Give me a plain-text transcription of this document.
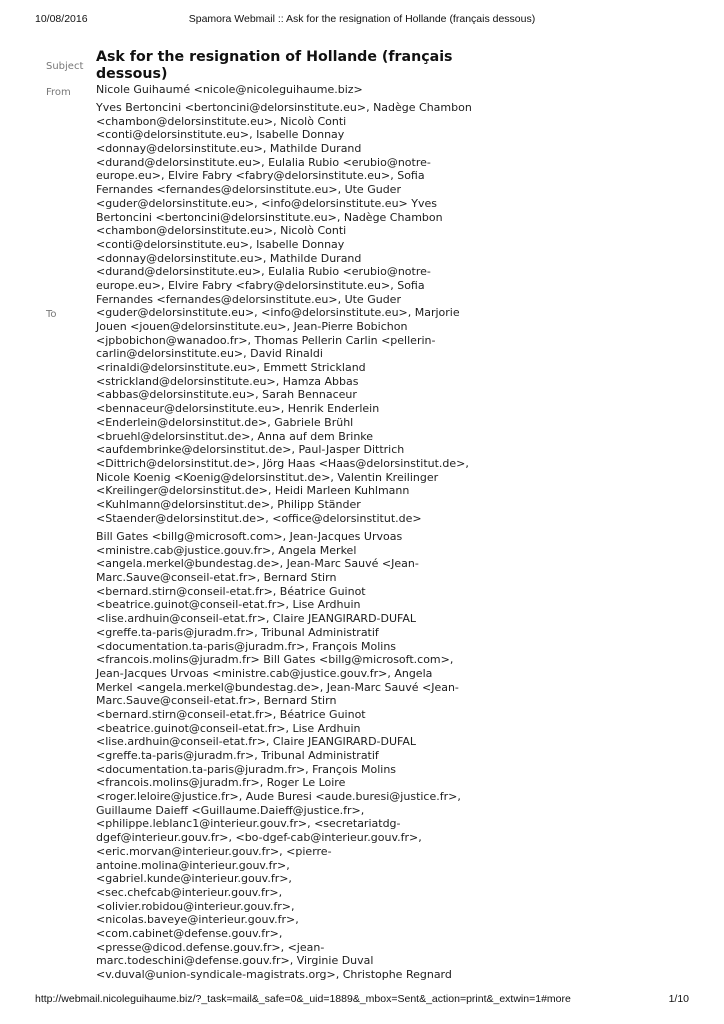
10/08/2016	Spamora Webmail :: Ask for the resignation of Hollande (français dessous)
Subject
Ask for the resignation of Hollande (français dessous)
From Nicole Guihaumé <nicole@nicoleguihaume.biz>
To
Yves Bertoncini <bertoncini@delorsinstitute.eu>, Nadège Chambon
<chambon@delorsinstitute.eu>, Nicolò Conti
<conti@delorsinstitute.eu>, Isabelle Donnay
<donnay@delorsinstitute.eu>, Mathilde Durand
<durand@delorsinstitute.eu>, Eulalia Rubio <erubio@notre-
europe.eu>, Elvire Fabry <fabry@delorsinstitute.eu>, Sofia
Fernandes <fernandes@delorsinstitute.eu>, Ute Guder
<guder@delorsinstitute.eu>, <info@delorsinstitute.eu> Yves
Bertoncini <bertoncini@delorsinstitute.eu>, Nadège Chambon
<chambon@delorsinstitute.eu>, Nicolò Conti
<conti@delorsinstitute.eu>, Isabelle Donnay
<donnay@delorsinstitute.eu>, Mathilde Durand
<durand@delorsinstitute.eu>, Eulalia Rubio <erubio@notre-
europe.eu>, Elvire Fabry <fabry@delorsinstitute.eu>, Sofia
Fernandes <fernandes@delorsinstitute.eu>, Ute Guder
<guder@delorsinstitute.eu>, <info@delorsinstitute.eu>, Marjorie
Jouen <jouen@delorsinstitute.eu>, Jean-Pierre Bobichon
<jpbobichon@wanadoo.fr>, Thomas Pellerin Carlin <pellerin-
carlin@delorsinstitute.eu>, David Rinaldi
<rinaldi@delorsinstitute.eu>, Emmett Strickland
<strickland@delorsinstitute.eu>, Hamza Abbas
<abbas@delorsinstitute.eu>, Sarah Bennaceur
<bennaceur@delorsinstitute.eu>, Henrik Enderlein
<Enderlein@delorsinstitut.de>, Gabriele Brühl
<bruehl@delorsinstitut.de>, Anna auf dem Brinke
<aufdembrinke@delorsinstitut.de>, Paul-Jasper Dittrich
<Dittrich@delorsinstitut.de>, Jörg Haas <Haas@delorsinstitut.de>,
Nicole Koenig <Koenig@delorsinstitut.de>, Valentin Kreilinger
<Kreilinger@delorsinstitut.de>, Heidi Marleen Kuhlmann
<Kuhlmann@delorsinstitut.de>, Philipp Ständer
<Staender@delorsinstitut.de>, <office@delorsinstitut.de>
Bill Gates <billg@microsoft.com>, Jean-Jacques Urvoas
<ministre.cab@justice.gouv.fr>, Angela Merkel
<angela.merkel@bundestag.de>, Jean-Marc Sauvé <Jean-
Marc.Sauve@conseil-etat.fr>, Bernard Stirn
<bernard.stirn@conseil-etat.fr>, Béatrice Guinot
<beatrice.guinot@conseil-etat.fr>, Lise Ardhuin
<lise.ardhuin@conseil-etat.fr>, Claire JEANGIRARD-DUFAL
<greffe.ta-paris@juradm.fr>, Tribunal Administratif
<documentation.ta-paris@juradm.fr>, François Molins
<francois.molins@juradm.fr> Bill Gates <billg@microsoft.com>,
Jean-Jacques Urvoas <ministre.cab@justice.gouv.fr>, Angela
Merkel <angela.merkel@bundestag.de>, Jean-Marc Sauvé <Jean-
Marc.Sauve@conseil-etat.fr>, Bernard Stirn
<bernard.stirn@conseil-etat.fr>, Béatrice Guinot
<beatrice.guinot@conseil-etat.fr>, Lise Ardhuin
<lise.ardhuin@conseil-etat.fr>, Claire JEANGIRARD-DUFAL
<greffe.ta-paris@juradm.fr>, Tribunal Administratif
<documentation.ta-paris@juradm.fr>, François Molins
<francois.molins@juradm.fr>, Roger Le Loire
<roger.leloire@justice.fr>, Aude Buresi <aude.buresi@justice.fr>,
Guillaume Daieff <Guillaume.Daieff@justice.fr>,
<philippe.leblanc1@interieur.gouv.fr>, <secretariatdg-
dgef@interieur.gouv.fr>, <bo-dgef-cab@interieur.gouv.fr>,
<eric.morvan@interieur.gouv.fr>, <pierre-
antoine.molina@interieur.gouv.fr>,
<gabriel.kunde@interieur.gouv.fr>,
<sec.chefcab@interieur.gouv.fr>,
<olivier.robidou@interieur.gouv.fr>,
<nicolas.baveye@interieur.gouv.fr>,
<com.cabinet@defense.gouv.fr>,
<presse@dicod.defense.gouv.fr>, <jean-
marc.todeschini@defense.gouv.fr>, Virginie Duval
<v.duval@union-syndicale-magistrats.org>, Christophe Regnard
http://webmail.nicoleguihaume.biz/?_task=mail&_safe=0&_uid=1889&_mbox=Sent&_action=print&_extwin=1#more	1/10
